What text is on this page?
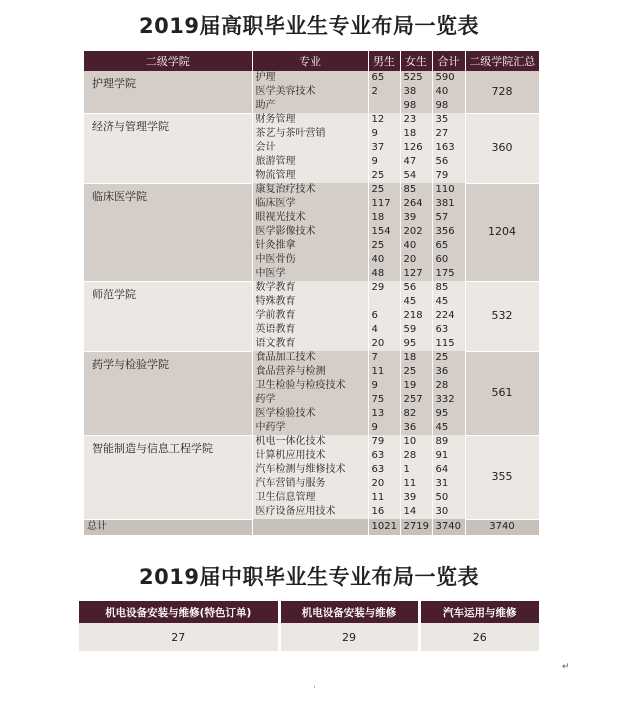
2019届高职毕业生专业布局一览表
二级学院	专业	男生	女生	合计	二级学院汇总
护理学院	护理	65	525	590	728
	医学美容技术	2	38	40	
	助产		98	98	
经济与管理学院	财务管理	12	23	35	360
	茶艺与茶叶营销	9	18	27	
	会计	37	126	163	
	旅游管理	9	47	56	
	物流管理	25	54	79	
临床医学院	康复治疗技术	25	85	110	1204
	临床医学	117	264	381	
	眼视光技术	18	39	57	
	医学影像技术	154	202	356	
	针灸推拿	25	40	65	
	中医骨伤	40	20	60	
	中医学	48	127	175	
师范学院	数学教育	29	56	85	532
	特殊教育		45	45	
	学前教育	6	218	224	
	英语教育	4	59	63	
	语文教育	20	95	115	
药学与检验学院	食品加工技术	7	18	25	561
	食品营养与检测	11	25	36	
	卫生检验与检疫技术	9	19	28	
	药学	75	257	332	
	医学检验技术	13	82	95	
	中药学	9	36	45	
智能制造与信息工程学院	机电一体化技术	79	10	89	355
	计算机应用技术	63	28	91	
	汽车检测与维修技术	63	1	64	
	汽车营销与服务	20	11	31	
	卫生信息管理	11	39	50	
	医疗设备应用技术	16	14	30	
总计		1021	2719	3740	3740
2019届中职毕业生专业布局一览表
机电设备安装与维修(特色订单)	机电设备安装与维修	汽车运用与维修
27	29	26
↵
·
